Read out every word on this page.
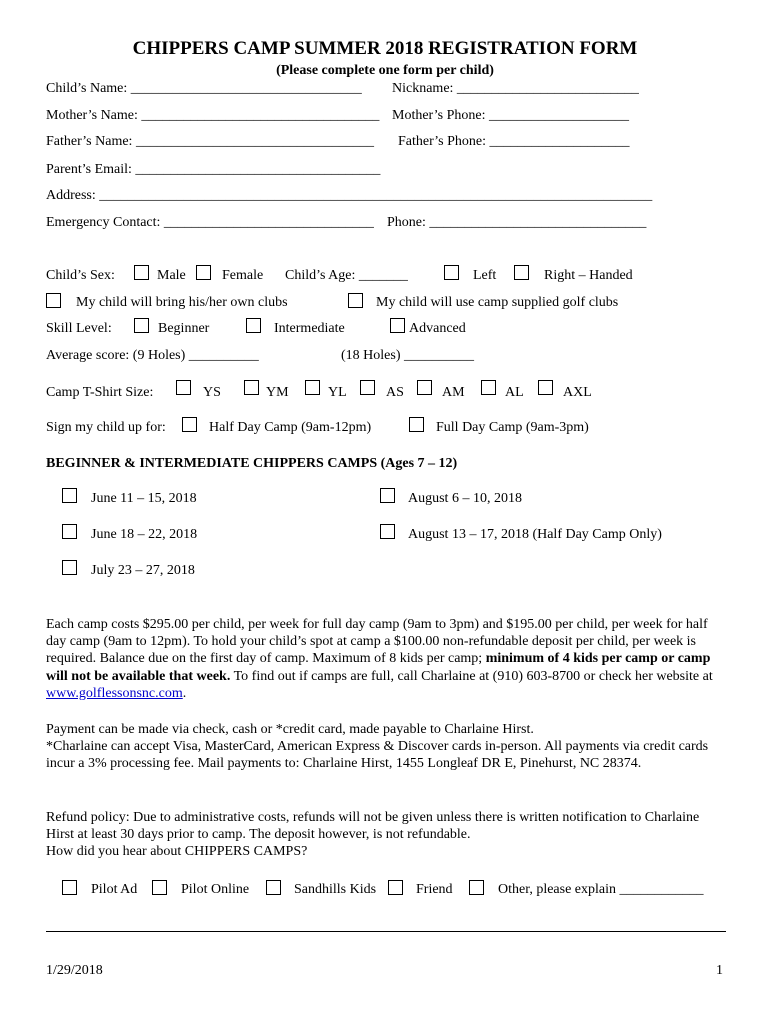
CHIPPERS CAMP SUMMER 2018 REGISTRATION FORM
(Please complete one form per child)
Child’s Name: _________________________________ Nickname: __________________________
Mother’s Name: __________________________________ Mother’s Phone: ____________________
Father’s Name: __________________________________ Father’s Phone: ____________________
Parent’s Email: ___________________________________
Address: _______________________________________________________________________________
Emergency Contact: ______________________________ Phone: _______________________________
Child’s Sex:	Male	Female Child’s Age: _______	Left	Right – Handed
My child will bring his/her own clubs	My child will use camp supplied golf clubs
Skill Level:	Beginner	Intermediate	Advanced
Average score: (9 Holes) __________	(18 Holes) __________
Camp T-Shirt Size:	YS	YM	YL	AS	AM	AL	AXL
Sign my child up for:	Half Day Camp (9am-12pm)	Full Day Camp (9am-3pm)
BEGINNER & INTERMEDIATE CHIPPERS CAMPS (Ages 7 – 12)
June 11 – 15, 2018	August 6 – 10, 2018
June 18 – 22, 2018	August 13 – 17, 2018 (Half Day Camp Only)
July 23 – 27, 2018

Each camp costs $295.00 per child, per week for full day camp (9am to 3pm) and $195.00 per child, per week for half day camp (9am to 12pm). To hold your child’s spot at camp a $100.00 non-refundable deposit per child, per week is required. Balance due on the first day of camp. Maximum of 8 kids per camp; minimum of 4 kids per camp or camp will not be available that week. To find out if camps are full, call Charlaine at (910) 603-8700 or check her website at www.golflessonsnc.com.

Payment can be made via check, cash or *credit card, made payable to Charlaine Hirst.

*Charlaine can accept Visa, MasterCard, American Express & Discover cards in-person. All payments via credit cards incur a 3% processing fee. Mail payments to: Charlaine Hirst, 1455 Longleaf DR E, Pinehurst, NC 28374.

Refund policy: Due to administrative costs, refunds will not be given unless there is written notification to Charlaine Hirst at least 30 days prior to camp. The deposit however, is not refundable.

How did you hear about CHIPPERS CAMPS?

Pilot Ad	Pilot Online	Sandhills Kids	Friend	Other, please explain ____________
1/29/2018	1
